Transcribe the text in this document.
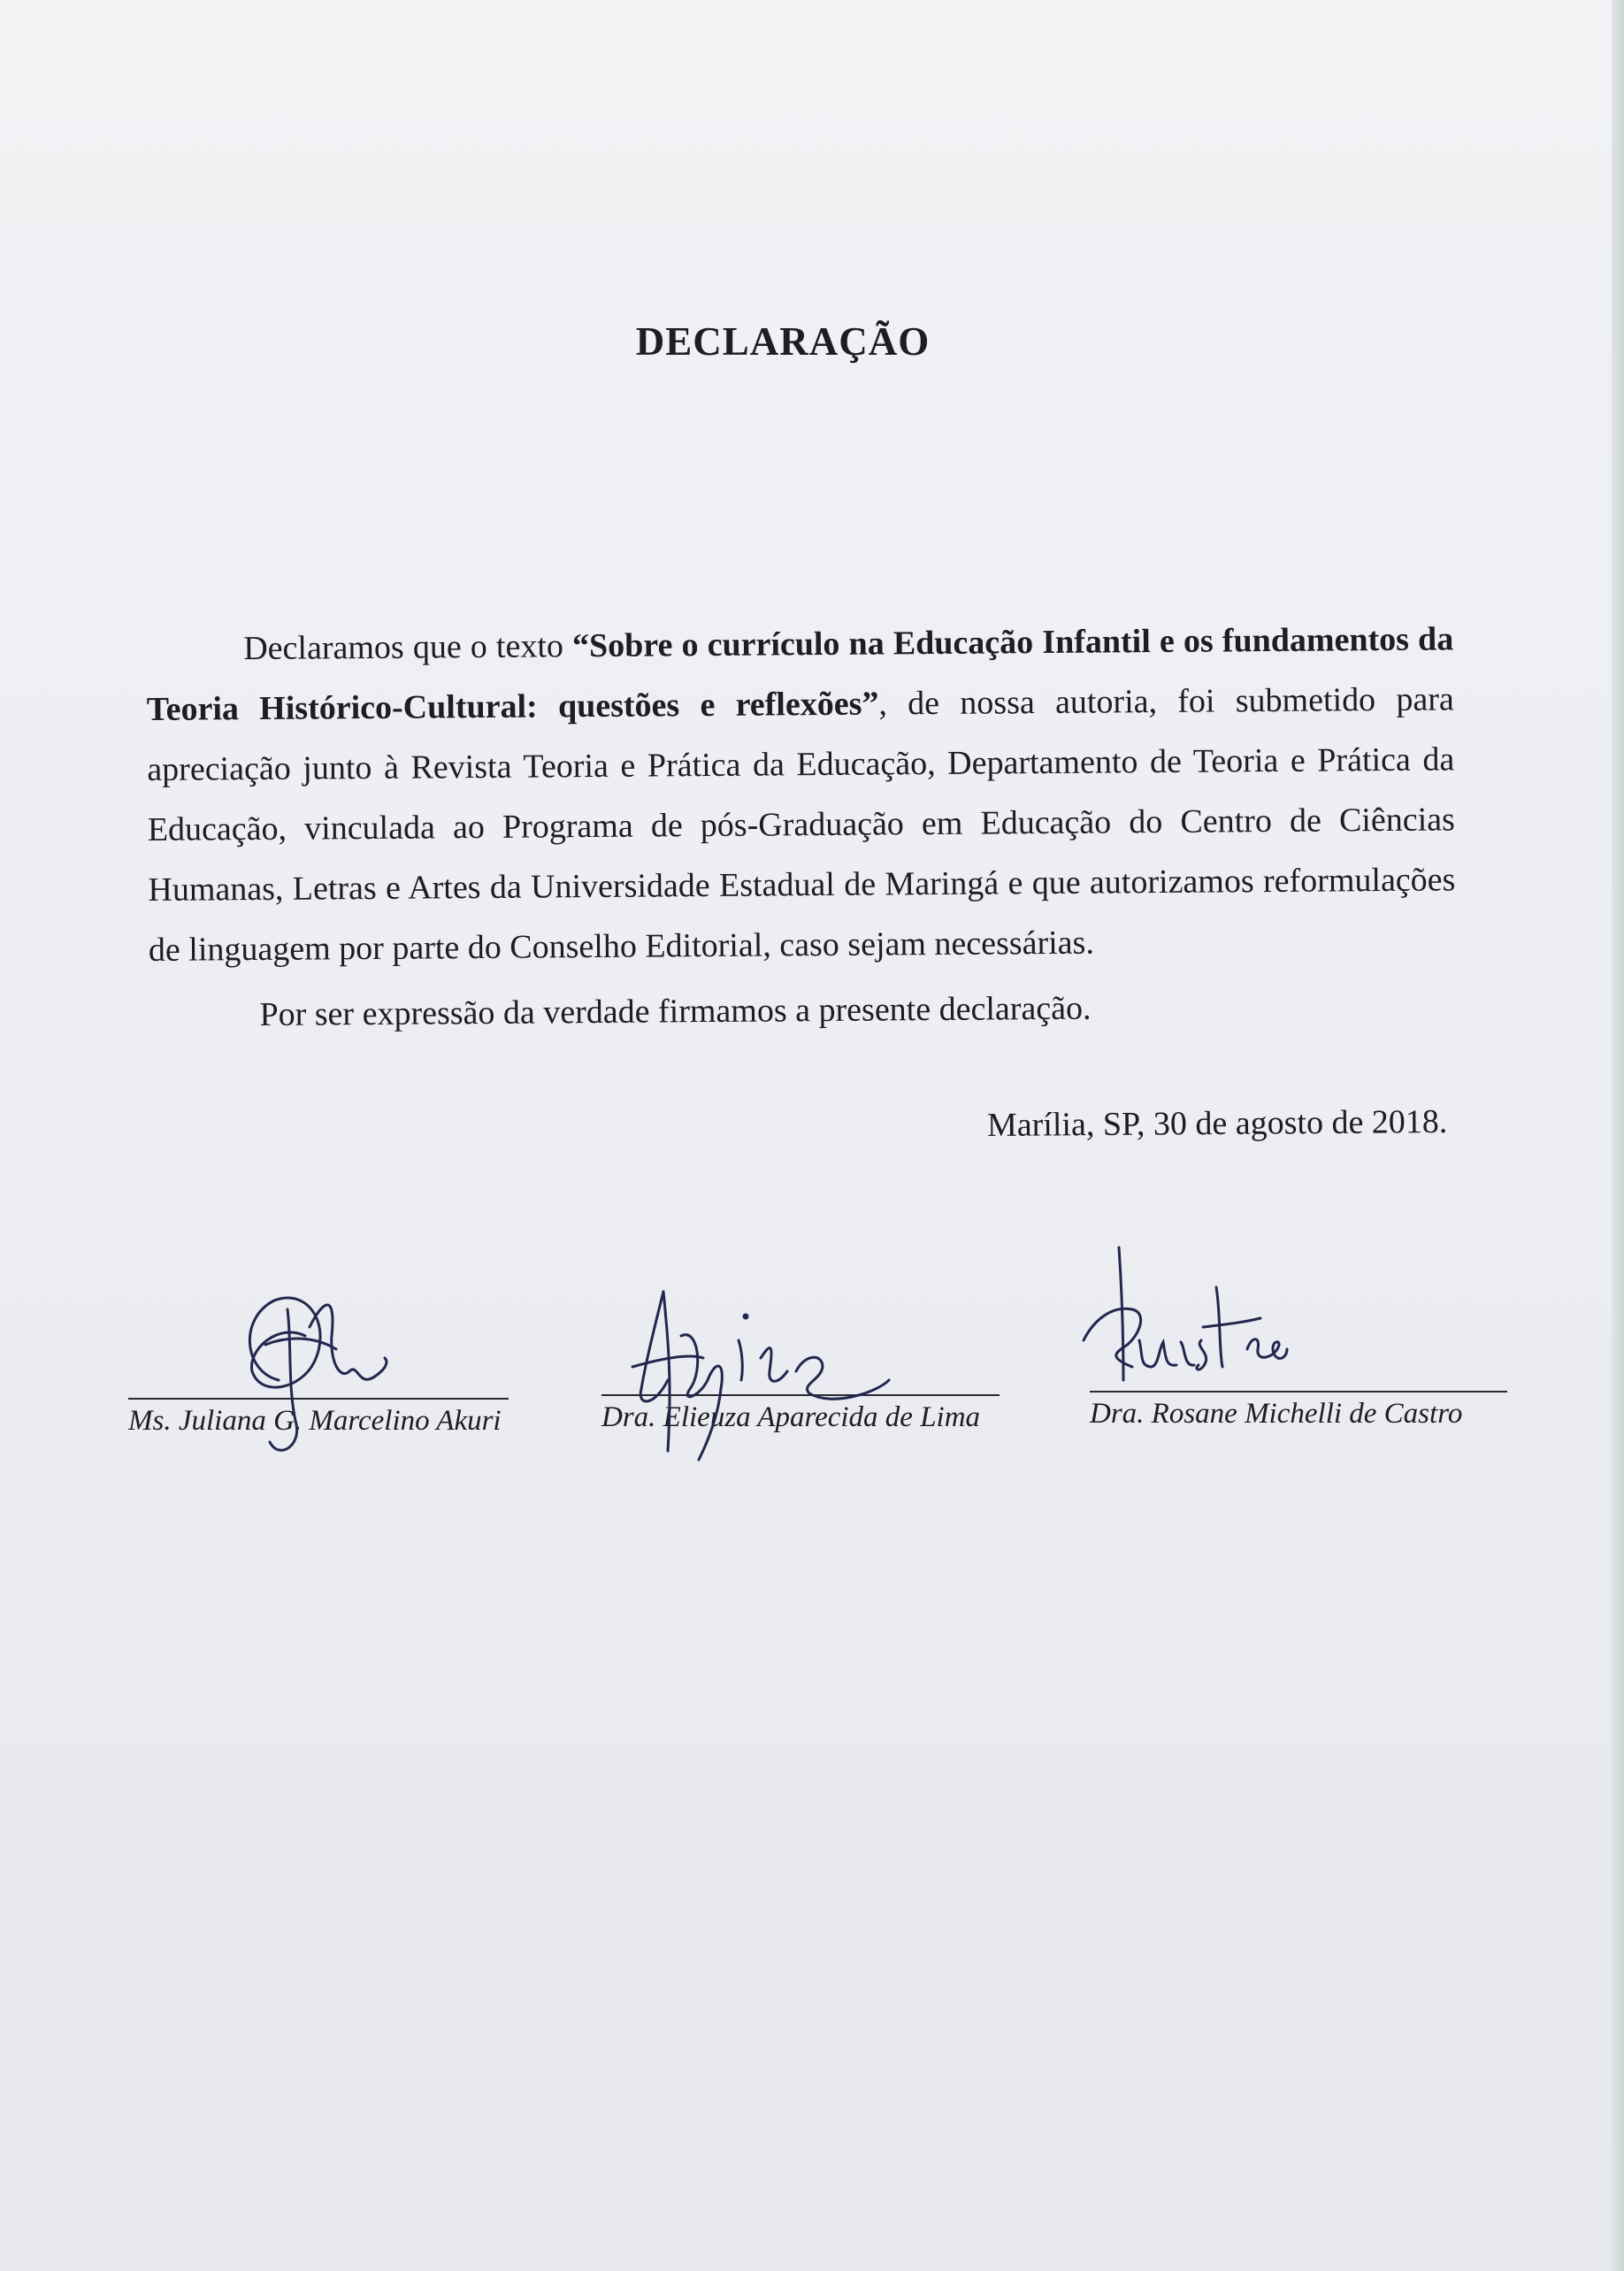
DECLARAÇÃO

Declaramos que o texto “Sobre o currículo na Educação Infantil e os fundamentos da Teoria Histórico-Cultural: questões e reflexões”, de nossa autoria, foi submetido para apreciação junto à Revista Teoria e Prática da Educação, Departamento de Teoria e Prática da Educação, vinculada ao Programa de pós-Graduação em Educação do Centro de Ciências Humanas, Letras e Artes da Universidade Estadual de Maringá e que autorizamos reformulações de linguagem por parte do Conselho Editorial, caso sejam necessárias.

Por ser expressão da verdade firmamos a presente declaração.

Marília, SP, 30 de agosto de 2018.
Ms. Juliana G. Marcelino Akuri	Dra. Elieuza Aparecida de Lima	Dra. Rosane Michelli de Castro
